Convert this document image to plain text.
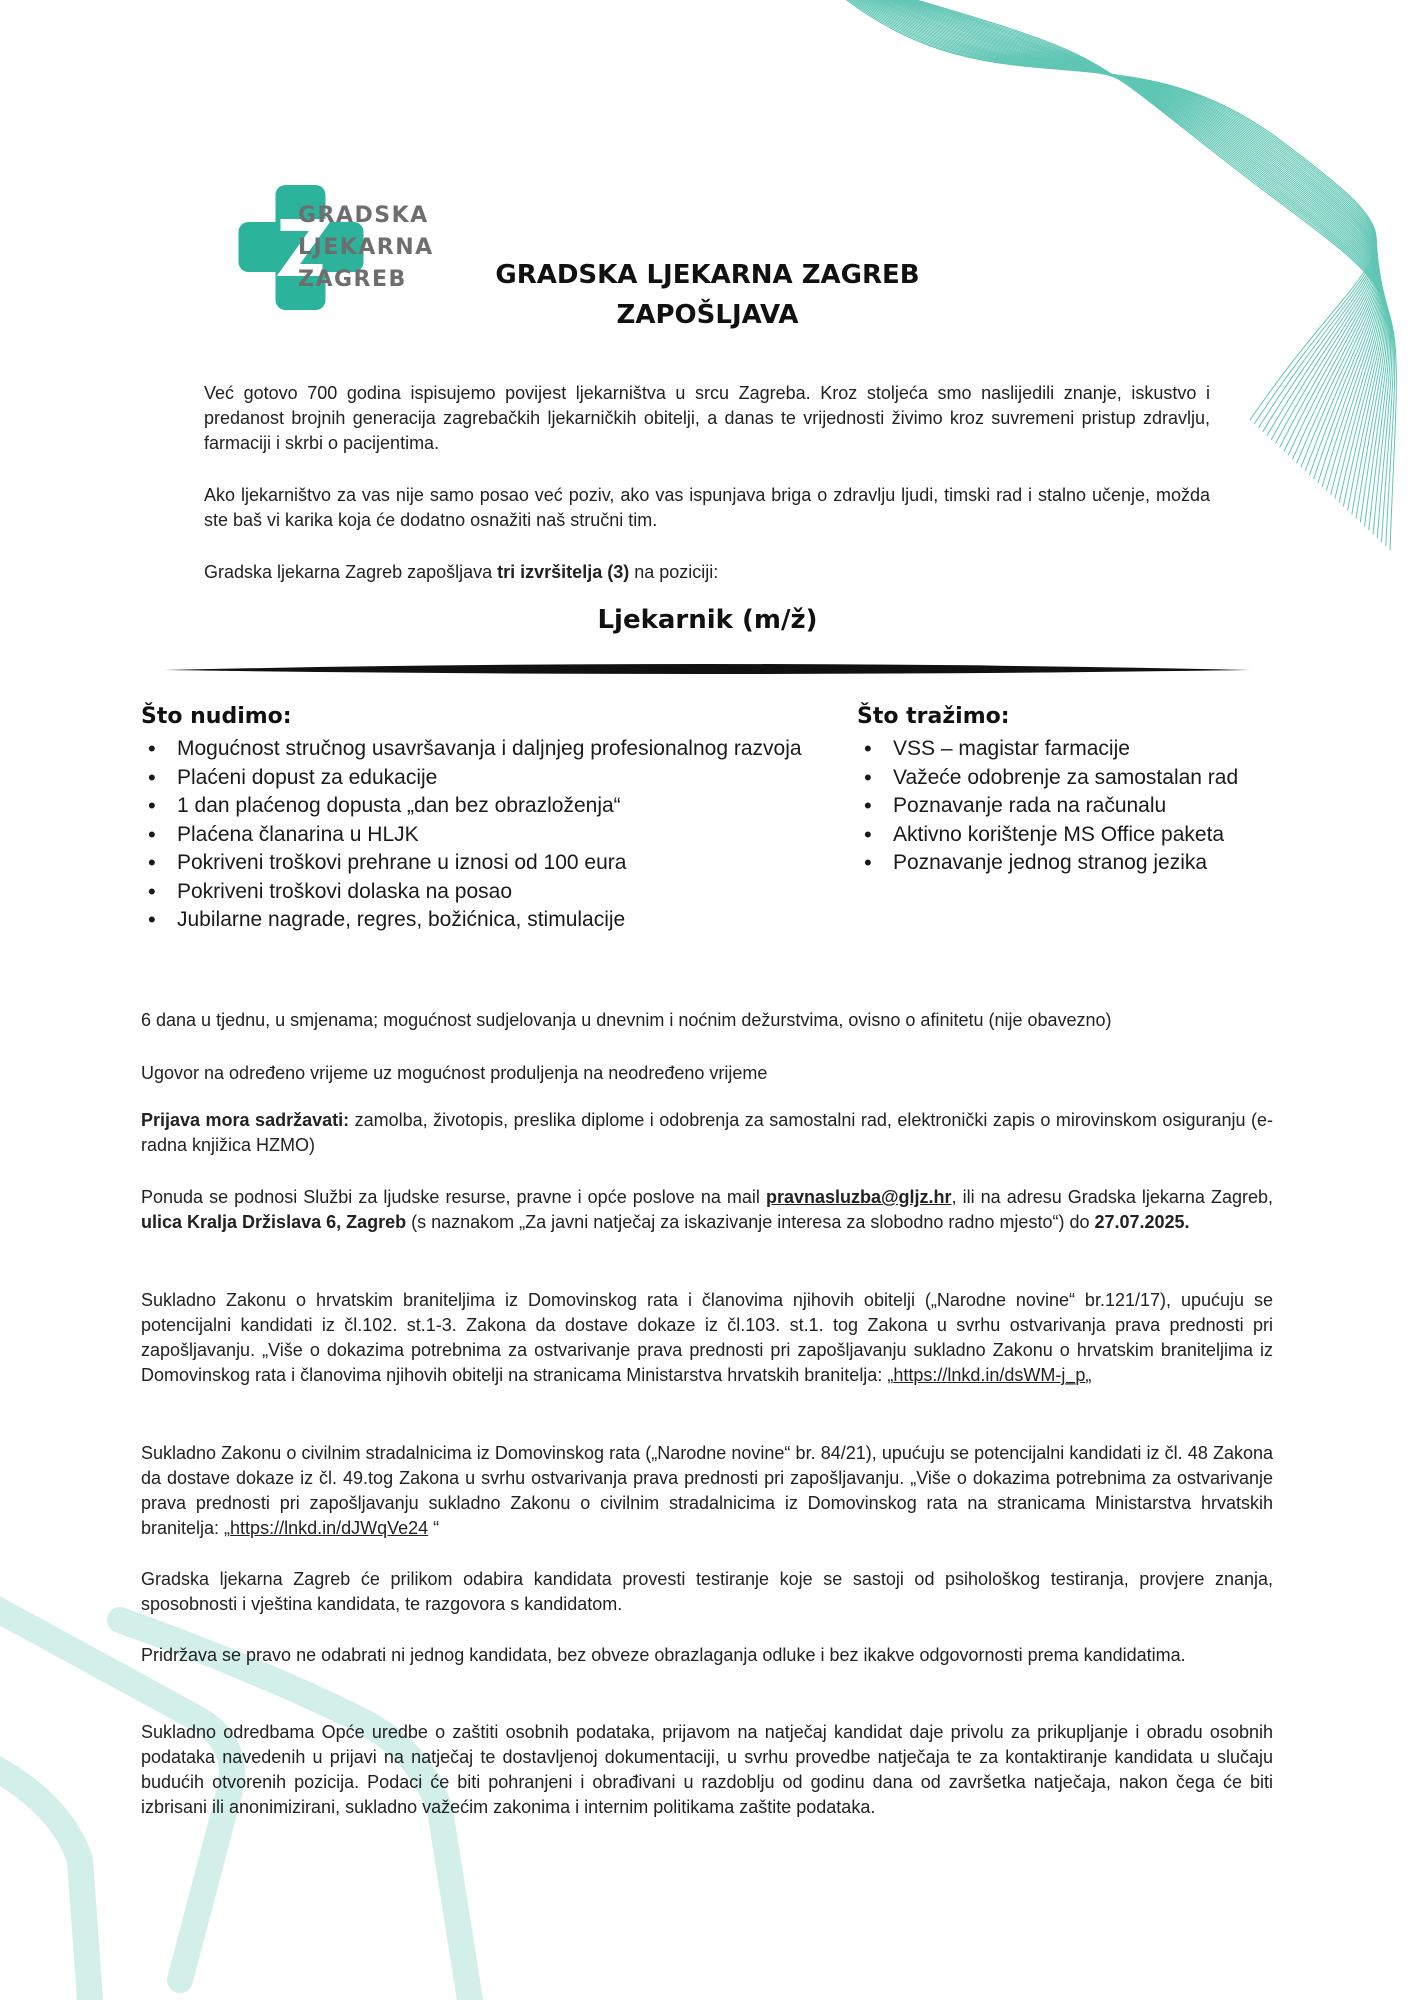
GRADSKA
LJEKARNA
ZAGREB	GRADSKA LJEKARNA ZAGREB
ZAPOŠLJAVA

Već gotovo 700 godina ispisujemo povijest ljekarništva u srcu Zagreba. Kroz stoljeća smo naslijedili znanje, iskustvo i predanost brojnih generacija zagrebačkih ljekarničkih obitelji, a danas te vrijednosti živimo kroz suvremeni pristup zdravlju, farmaciji i skrbi o pacijentima.

Ako ljekarništvo za vas nije samo posao već poziv, ako vas ispunjava briga o zdravlju ljudi, timski rad i stalno učenje, možda ste baš vi karika koja će dodatno osnažiti naš stručni tim.

Gradska ljekarna Zagreb zapošljava tri izvršitelja (3) na poziciji:

Ljekarnik (m/ž)
Što nudimo:
• Mogućnost stručnog usavršavanja i daljnjeg profesionalnog razvoja
• Plaćeni dopust za edukacije
• 1 dan plaćenog dopusta „dan bez obrazloženja“
• Plaćena članarina u HLJK
• Pokriveni troškovi prehrane u iznosi od 100 eura
• Pokriveni troškovi dolaska na posao
• Jubilarne nagrade, regres, božićnica, stimulacije
Što tražimo:
• VSS – magistar farmacije
• Važeće odobrenje za samostalan rad
• Poznavanje rada na računalu
• Aktivno korištenje MS Office paketa
• Poznavanje jednog stranog jezika

6 dana u tjednu, u smjenama; mogućnost sudjelovanja u dnevnim i noćnim dežurstvima, ovisno o afinitetu (nije obavezno)

Ugovor na određeno vrijeme uz mogućnost produljenja na neodređeno vrijeme

Prijava mora sadržavati: zamolba, životopis, preslika diplome i odobrenja za samostalni rad, elektronički zapis o mirovinskom osiguranju (e-radna knjižica HZMO)

Ponuda se podnosi Službi za ljudske resurse, pravne i opće poslove na mail pravnasluzba@gljz.hr, ili na adresu Gradska ljekarna Zagreb, ulica Kralja Držislava 6, Zagreb (s naznakom „Za javni natječaj za iskazivanje interesa za slobodno radno mjesto“) do 27.07.2025.

Sukladno Zakonu o hrvatskim braniteljima iz Domovinskog rata i članovima njihovih obitelji („Narodne novine“ br.121/17), upućuju se potencijalni kandidati iz čl.102. st.1-3. Zakona da dostave dokaze iz čl.103. st.1. tog Zakona u svrhu ostvarivanja prava prednosti pri zapošljavanju. „Više o dokazima potrebnima za ostvarivanje prava prednosti pri zapošljavanju sukladno Zakonu o hrvatskim braniteljima iz Domovinskog rata i članovima njihovih obitelji na stranicama Ministarstva hrvatskih branitelja: „https://lnkd.in/dsWM-j_p„

Sukladno Zakonu o civilnim stradalnicima iz Domovinskog rata („Narodne novine“ br. 84/21), upućuju se potencijalni kandidati iz čl. 48 Zakona da dostave dokaze iz čl. 49.tog Zakona u svrhu ostvarivanja prava prednosti pri zapošljavanju. „Više o dokazima potrebnima za ostvarivanje prava prednosti pri zapošljavanju sukladno Zakonu o civilnim stradalnicima iz Domovinskog rata na stranicama Ministarstva hrvatskih branitelja: „https://lnkd.in/dJWqVe24 “

Gradska ljekarna Zagreb će prilikom odabira kandidata provesti testiranje koje se sastoji od psihološkog testiranja, provjere znanja, sposobnosti i vještina kandidata, te razgovora s kandidatom.

Pridržava se pravo ne odabrati ni jednog kandidata, bez obveze obrazlaganja odluke i bez ikakve odgovornosti prema kandidatima.

Sukladno odredbama Opće uredbe o zaštiti osobnih podataka, prijavom na natječaj kandidat daje privolu za prikupljanje i obradu osobnih podataka navedenih u prijavi na natječaj te dostavljenoj dokumentaciji, u svrhu provedbe natječaja te za kontaktiranje kandidata u slučaju budućih otvorenih pozicija. Podaci će biti pohranjeni i obrađivani u razdoblju od godinu dana od završetka natječaja, nakon čega će biti izbrisani ili anonimizirani, sukladno važećim zakonima i internim politikama zaštite podataka.
